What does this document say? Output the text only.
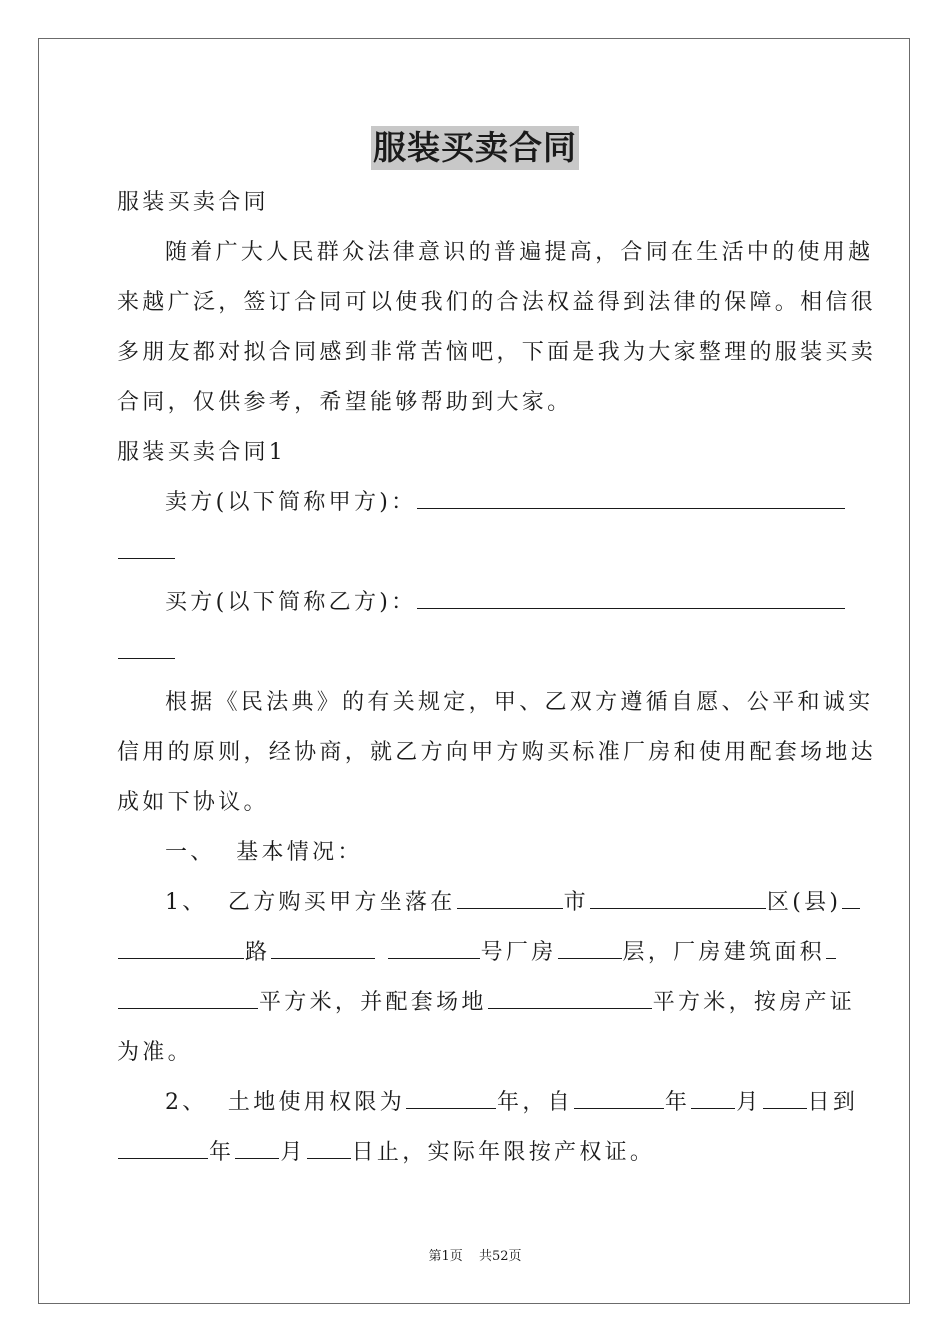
服装买卖合同
服装买卖合同
随着广大人民群众法律意识的普遍提高，合同在生活中的使用越
来越广泛，签订合同可以使我们的合法权益得到法律的保障。相信很
多朋友都对拟合同感到非常苦恼吧，下面是我为大家整理的服装买卖
合同，仅供参考，希望能够帮助到大家。
服装买卖合同1
卖方(以下简称甲方)：
买方(以下简称乙方)：
根据《民法典》的有关规定，甲、乙双方遵循自愿、公平和诚实
信用的原则，经协商，就乙方向甲方购买标准厂房和使用配套场地达
成如下协议。
一、  基本情况：
1、 乙方购买甲方坐落在	市	区(县)
路	号厂房	层，厂房建筑面积
平方米，并配套场地	平方米，按房产证
为准。
2、 土地使用权限为	年，自	年 月 日到
年 月 日止，实际年限按产权证。
第1页 共52页
